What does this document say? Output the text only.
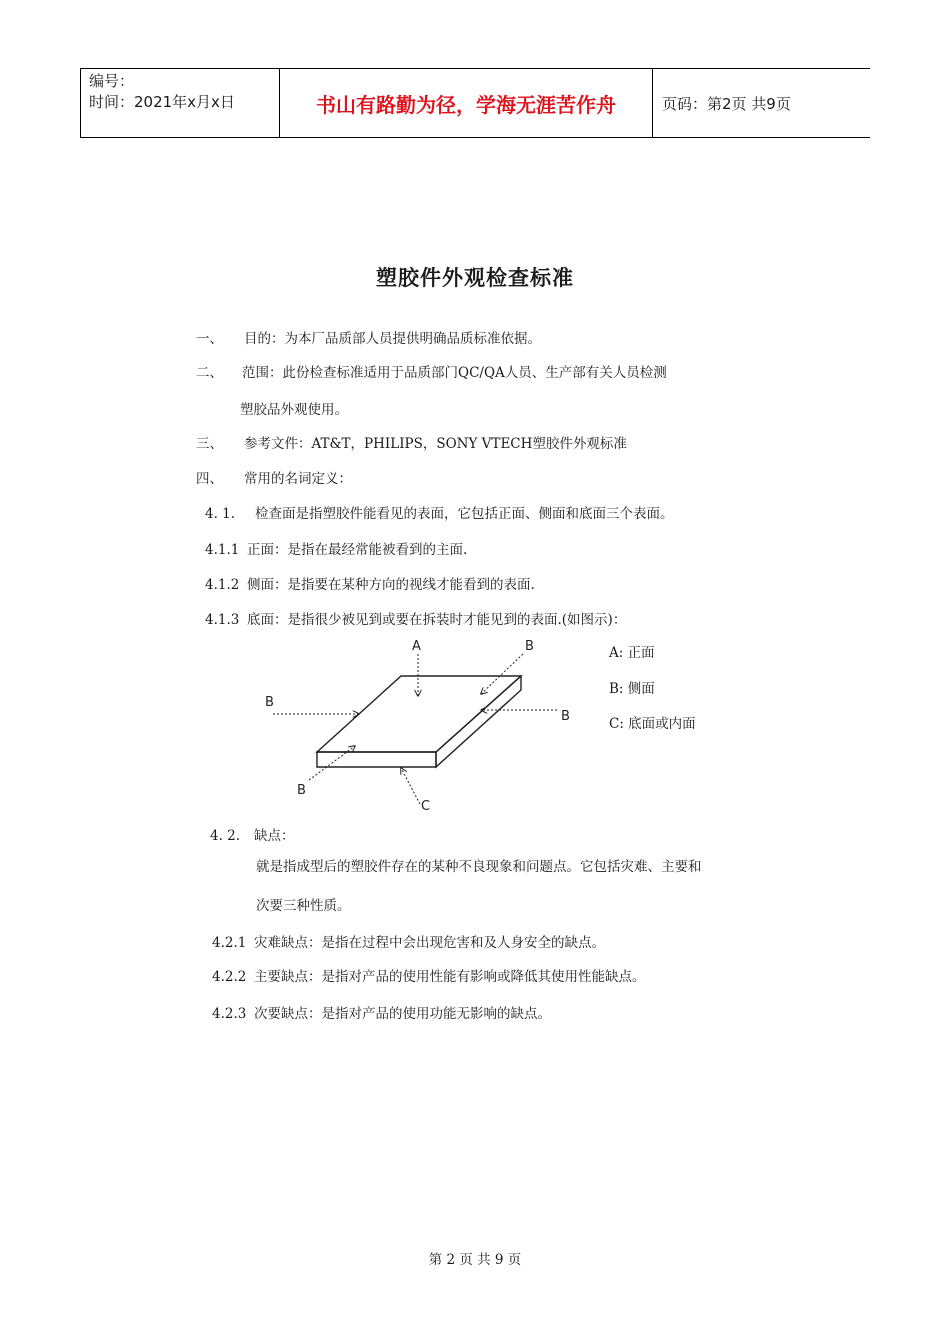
编号：
时间：2021年x月x日	书山有路勤为径，学海无涯苦作舟	页码：第2页 共9页
塑胶件外观检查标准
一、 目的：为本厂品质部人员提供明确品质标准依据。
二、 范围：此份检查标准适用于品质部门QC/QA人员、生产部有关人员检测
塑胶品外观使用。
三、 参考文件：AT&T，PHILIPS，SONY VTECH塑胶件外观标准
四、 常用的名词定义：
4. 1. 检查面是指塑胶件能看见的表面，它包括正面、侧面和底面三个表面。
4.1.1 正面：是指在最经常能被看到的主面.
4.1.2 侧面：是指要在某种方向的视线才能看到的表面.
4.1.3 底面：是指很少被见到或要在拆装时才能见到的表面.(如图示)：
A	B
B
B
B
C
A: 正面
B: 侧面
C: 底面或内面
4. 2. 缺点：
就是指成型后的塑胶件存在的某种不良现象和问题点。它包括灾难、主要和
次要三种性质。
4.2.1 灾难缺点：是指在过程中会出现危害和及人身安全的缺点。
4.2.2 主要缺点：是指对产品的使用性能有影响或降低其使用性能缺点。
4.2.3 次要缺点：是指对产品的使用功能无影响的缺点。
第 2 页 共 9 页
